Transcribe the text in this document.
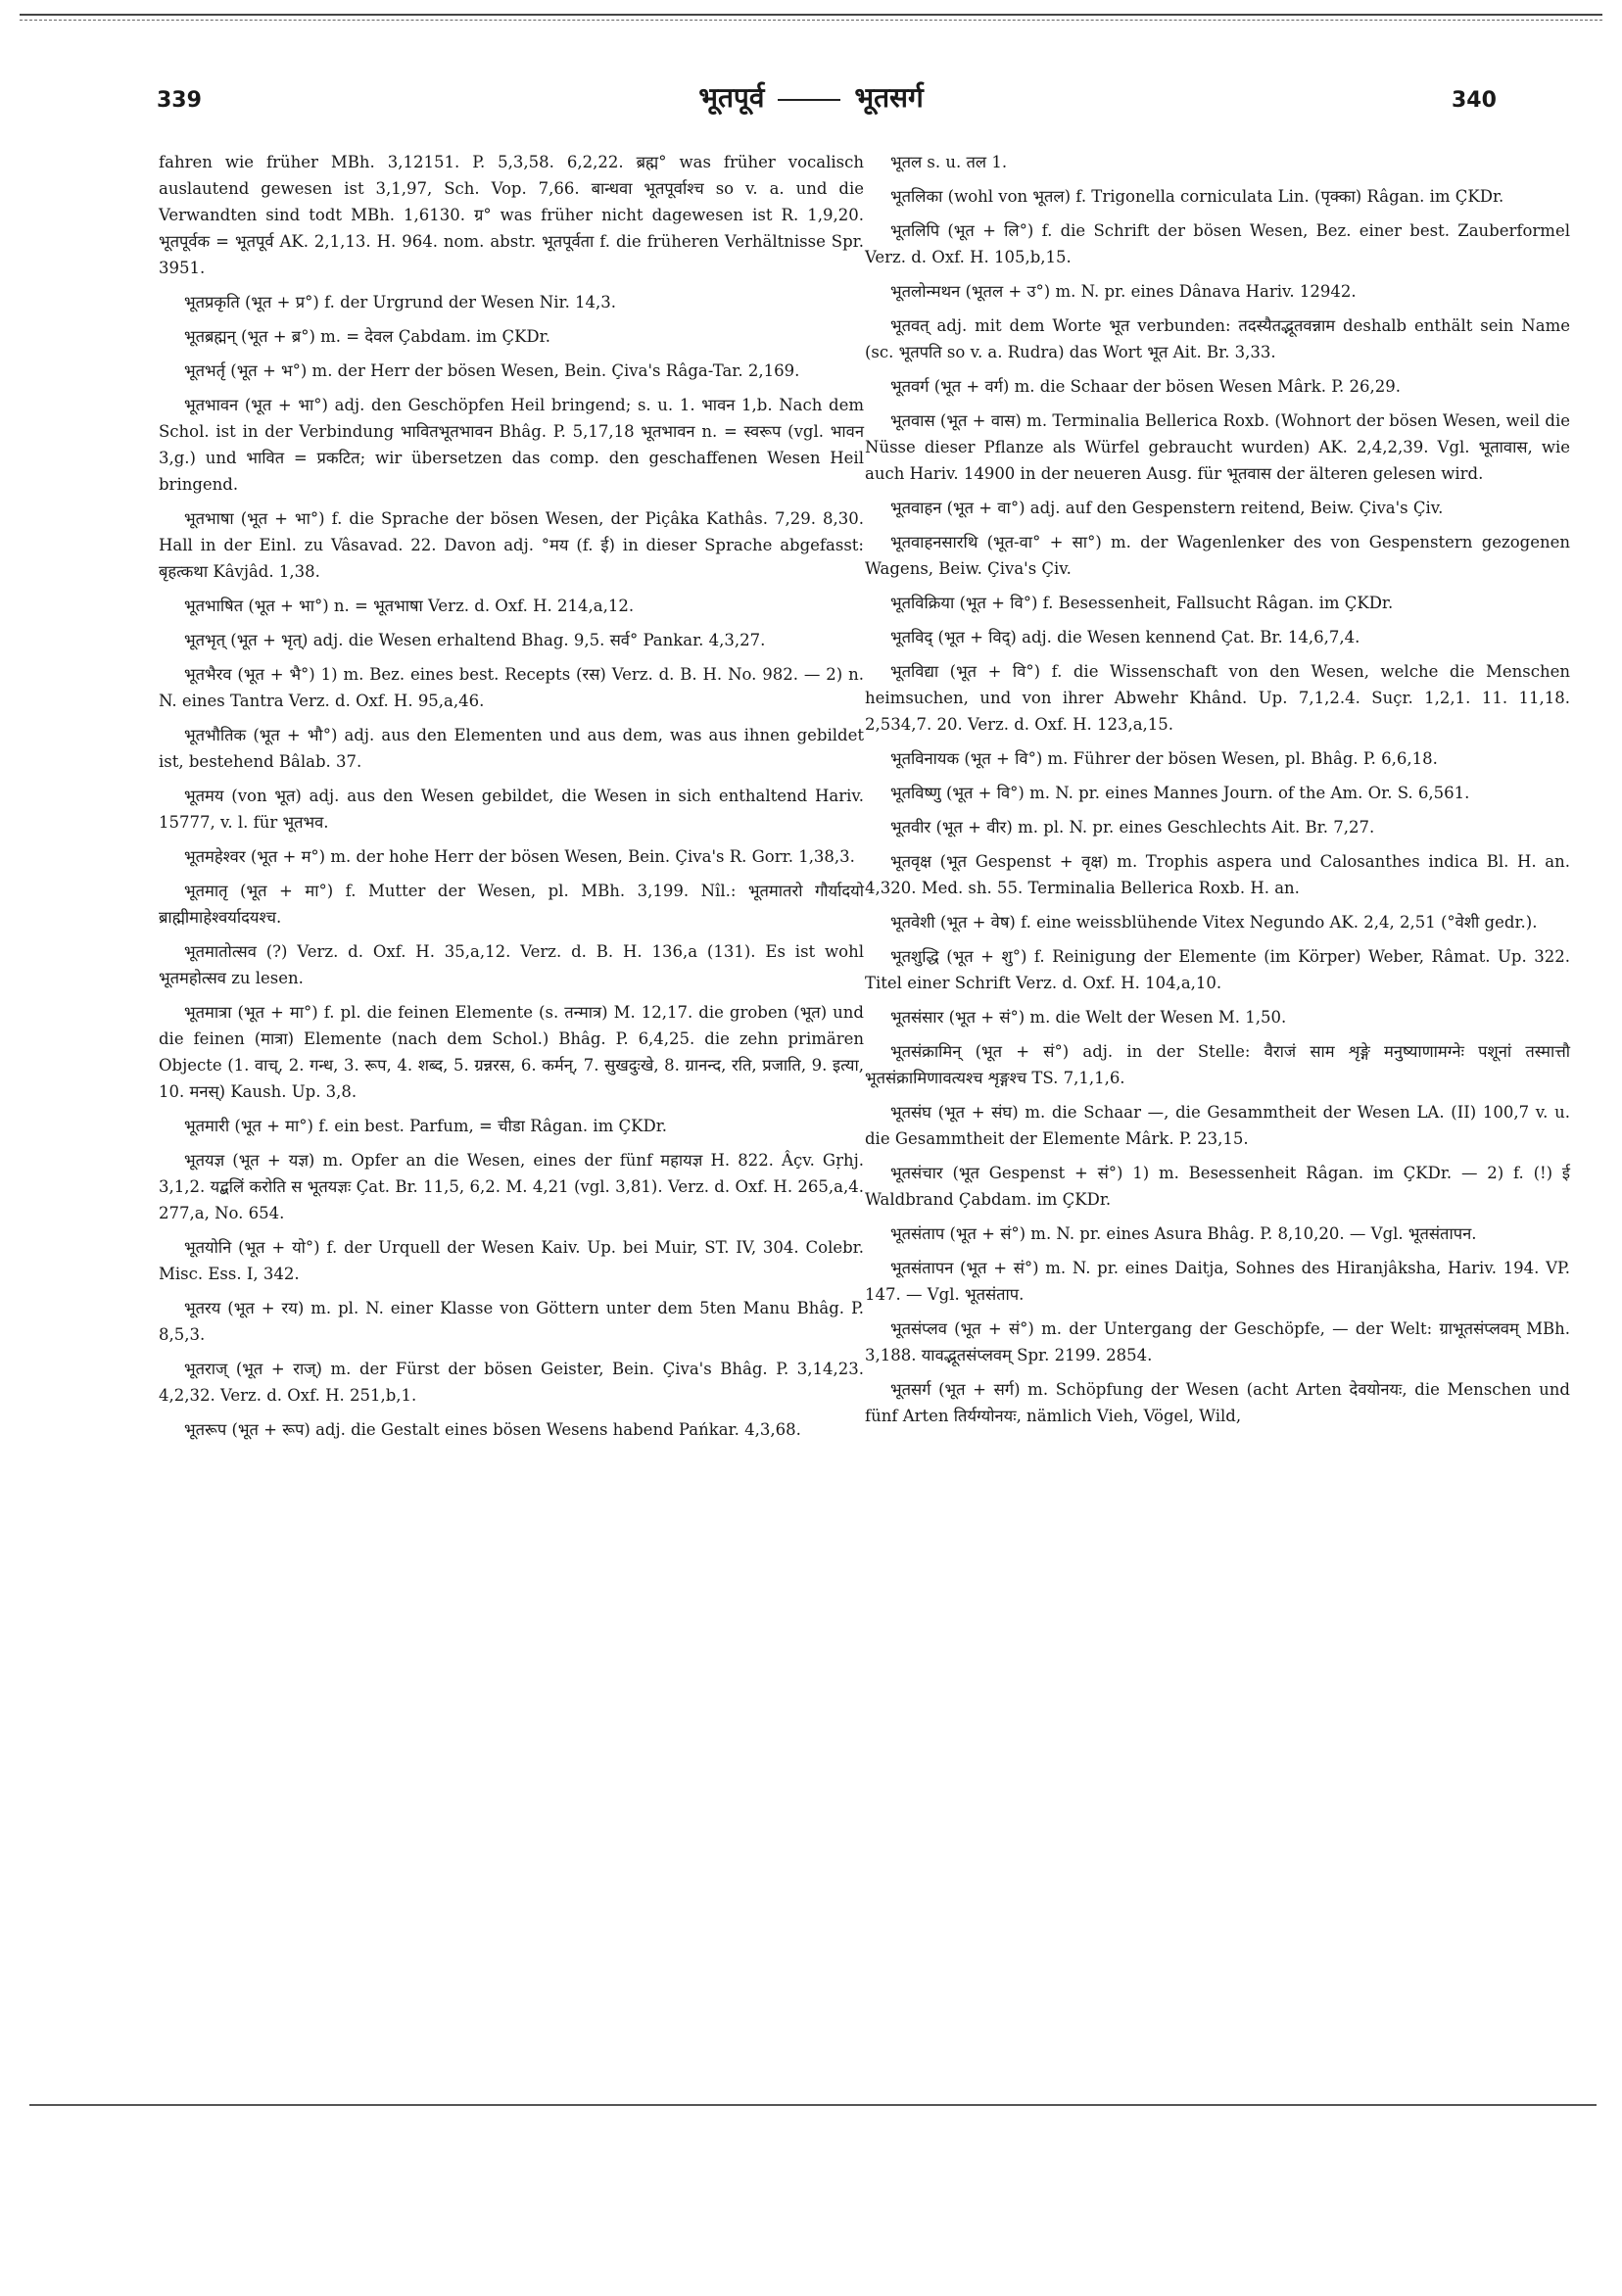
339	भूतपूर्व	भूतसर्ग	340

fahren wie früher MBh. 3,12151. P. 5,3,58. 6,2,22. ब्रह्म° was früher vocalisch auslautend gewesen ist 3,1,97, Sch. Vop. 7,66. बान्धवा भूतपूर्वाश्च so v. a. und die Verwandten sind todt MBh. 1,6130. ग्र° was früher nicht dagewesen ist R. 1,9,20. भूतपूर्वक = भूतपूर्व AK. 2,1,13. H. 964. nom. abstr. भूतपूर्वता f. die früheren Verhältnisse Spr. 3951.

भूतप्रकृति (भूत + प्र°) f. der Urgrund der Wesen Nir. 14,3.

भूतब्रह्मन् (भूत + ब्र°) m. = देवल Çabdam. im ÇKDr.

भूतभर्तृ (भूत + भ°) m. der Herr der bösen Wesen, Bein. Çiva's Râga-Tar. 2,169.

भूतभावन (भूत + भा°) adj. den Geschöpfen Heil bringend; s. u. 1. भावन 1,b. Nach dem Schol. ist in der Verbindung भावितभूतभावन Bhâg. P. 5,17,18 भूतभावन n. = स्वरूप (vgl. भावन 3,g.) und भावित = प्रकटित; wir übersetzen das comp. den geschaffenen Wesen Heil bringend.

भूतभाषा (भूत + भा°) f. die Sprache der bösen Wesen, der Piçâka Kathâs. 7,29. 8,30. Hall in der Einl. zu Vâsavad. 22. Davon adj. °मय (f. ई) in dieser Sprache abgefasst: बृहत्कथा Kâvjâd. 1,38.

भूतभाषित (भूत + भा°) n. = भूतभाषा Verz. d. Oxf. H. 214,a,12.

भूतभृत् (भूत + भृत्) adj. die Wesen erhaltend Bhag. 9,5. सर्व° Pankar. 4,3,27.

भूतभैरव (भूत + भै°) 1) m. Bez. eines best. Recepts (रस) Verz. d. B. H. No. 982. — 2) n. N. eines Tantra Verz. d. Oxf. H. 95,a,46.

भूतभौतिक (भूत + भौ°) adj. aus den Elementen und aus dem, was aus ihnen gebildet ist, bestehend Bâlab. 37.

भूतमय (von भूत) adj. aus den Wesen gebildet, die Wesen in sich enthaltend Hariv. 15777, v. l. für भूतभव.

भूतमहेश्वर (भूत + म°) m. der hohe Herr der bösen Wesen, Bein. Çiva's R. Gorr. 1,38,3.

भूतमातृ (भूत + मा°) f. Mutter der Wesen, pl. MBh. 3,199. Nîl.: भूतमातरो गौर्यादयो ब्राह्मीमाहेश्वर्यादयश्च.

भूतमातोत्सव (?) Verz. d. Oxf. H. 35,a,12. Verz. d. B. H. 136,a (131). Es ist wohl भूतमहोत्सव zu lesen.

भूतमात्रा (भूत + मा°) f. pl. die feinen Elemente (s. तन्मात्र) M. 12,17. die groben (भूत) und die feinen (मात्रा) Elemente (nach dem Schol.) Bhâg. P. 6,4,25. die zehn primären Objecte (1. वाच्, 2. गन्ध, 3. रूप, 4. शब्द, 5. ग्रन्नरस, 6. कर्मन्, 7. सुखदुःखे, 8. ग्रानन्द, रति, प्रजाति, 9. इत्या, 10. मनस्) Kaush. Up. 3,8.

भूतमारी (भूत + मा°) f. ein best. Parfum, = चीडा Râgan. im ÇKDr.

भूतयज्ञ (भूत + यज्ञ) m. Opfer an die Wesen, eines der fünf महायज्ञ H. 822. Âçv. Gṛhj. 3,1,2. यद्बलिं करोति स भूतयज्ञः Çat. Br. 11,5, 6,2. M. 4,21 (vgl. 3,81). Verz. d. Oxf. H. 265,a,4. 277,a, No. 654.

भूतयोनि (भूत + यो°) f. der Urquell der Wesen Kaiv. Up. bei Muir, ST. IV, 304. Colebr. Misc. Ess. I, 342.

भूतरय (भूत + रय) m. pl. N. einer Klasse von Göttern unter dem 5ten Manu Bhâg. P. 8,5,3.

भूतराज् (भूत + राज्) m. der Fürst der bösen Geister, Bein. Çiva's Bhâg. P. 3,14,23. 4,2,32. Verz. d. Oxf. H. 251,b,1.

भूतरूप (भूत + रूप) adj. die Gestalt eines bösen Wesens habend Pańkar. 4,3,68.

भूतल s. u. तल 1.

भूतलिका (wohl von भूतल) f. Trigonella corniculata Lin. (पृक्का) Râgan. im ÇKDr.

भूतलिपि (भूत + लि°) f. die Schrift der bösen Wesen, Bez. einer best. Zauberformel Verz. d. Oxf. H. 105,b,15.

भूतलोन्मथन (भूतल + उ°) m. N. pr. eines Dânava Hariv. 12942.

भूतवत् adj. mit dem Worte भूत verbunden: तदस्यैतद्भूतवन्नाम deshalb enthält sein Name (sc. भूतपति so v. a. Rudra) das Wort भूत Ait. Br. 3,33.

भूतवर्ग (भूत + वर्ग) m. die Schaar der bösen Wesen Mârk. P. 26,29.

भूतवास (भूत + वास) m. Terminalia Bellerica Roxb. (Wohnort der bösen Wesen, weil die Nüsse dieser Pflanze als Würfel gebraucht wurden) AK. 2,4,2,39. Vgl. भूतावास, wie auch Hariv. 14900 in der neueren Ausg. für भूतवास der älteren gelesen wird.

भूतवाहन (भूत + वा°) adj. auf den Gespenstern reitend, Beiw. Çiva's Çiv.

भूतवाहनसारथि (भूत-वा° + सा°) m. der Wagenlenker des von Gespenstern gezogenen Wagens, Beiw. Çiva's Çiv.

भूतविक्रिया (भूत + वि°) f. Besessenheit, Fallsucht Râgan. im ÇKDr.

भूतविद् (भूत + विद्) adj. die Wesen kennend Çat. Br. 14,6,7,4.

भूतविद्या (भूत + वि°) f. die Wissenschaft von den Wesen, welche die Menschen heimsuchen, und von ihrer Abwehr Khând. Up. 7,1,2.4. Suçr. 1,2,1. 11. 11,18. 2,534,7. 20. Verz. d. Oxf. H. 123,a,15.

भूतविनायक (भूत + वि°) m. Führer der bösen Wesen, pl. Bhâg. P. 6,6,18.

भूतविष्णु (भूत + वि°) m. N. pr. eines Mannes Journ. of the Am. Or. S. 6,561.

भूतवीर (भूत + वीर) m. pl. N. pr. eines Geschlechts Ait. Br. 7,27.

भूतवृक्ष (भूत Gespenst + वृक्ष) m. Trophis aspera und Calosanthes indica Bl. H. an. 4,320. Med. sh. 55. Terminalia Bellerica Roxb. H. an.

भूतवेशी (भूत + वेष) f. eine weissblühende Vitex Negundo AK. 2,4, 2,51 (°वेशी gedr.).

भूतशुद्धि (भूत + शु°) f. Reinigung der Elemente (im Körper) Weber, Râmat. Up. 322. Titel einer Schrift Verz. d. Oxf. H. 104,a,10.

भूतसंसार (भूत + सं°) m. die Welt der Wesen M. 1,50.

भूतसंक्रामिन् (भूत + सं°) adj. in der Stelle: वैराजं साम शृङ्गे मनुष्याणामग्नेः पशूनां तस्मात्तौ भूतसंक्रामिणावत्यश्च शृङ्गश्च TS. 7,1,1,6.

भूतसंघ (भूत + संघ) m. die Schaar —, die Gesammtheit der Wesen LA. (II) 100,7 v. u. die Gesammtheit der Elemente Mârk. P. 23,15.

भूतसंचार (भूत Gespenst + सं°) 1) m. Besessenheit Râgan. im ÇKDr. — 2) f. (!) ई Waldbrand Çabdam. im ÇKDr.

भूतसंताप (भूत + सं°) m. N. pr. eines Asura Bhâg. P. 8,10,20. — Vgl. भूतसंतापन.

भूतसंतापन (भूत + सं°) m. N. pr. eines Daitja, Sohnes des Hiranjâksha, Hariv. 194. VP. 147. — Vgl. भूतसंताप.

भूतसंप्लव (भूत + सं°) m. der Untergang der Geschöpfe, — der Welt: ग्राभूतसंप्लवम् MBh. 3,188. यावद्भूतसंप्लवम् Spr. 2199. 2854.

भूतसर्ग (भूत + सर्ग) m. Schöpfung der Wesen (acht Arten देवयोनयः, die Menschen und fünf Arten तिर्यग्योनयः, nämlich Vieh, Vögel, Wild,
